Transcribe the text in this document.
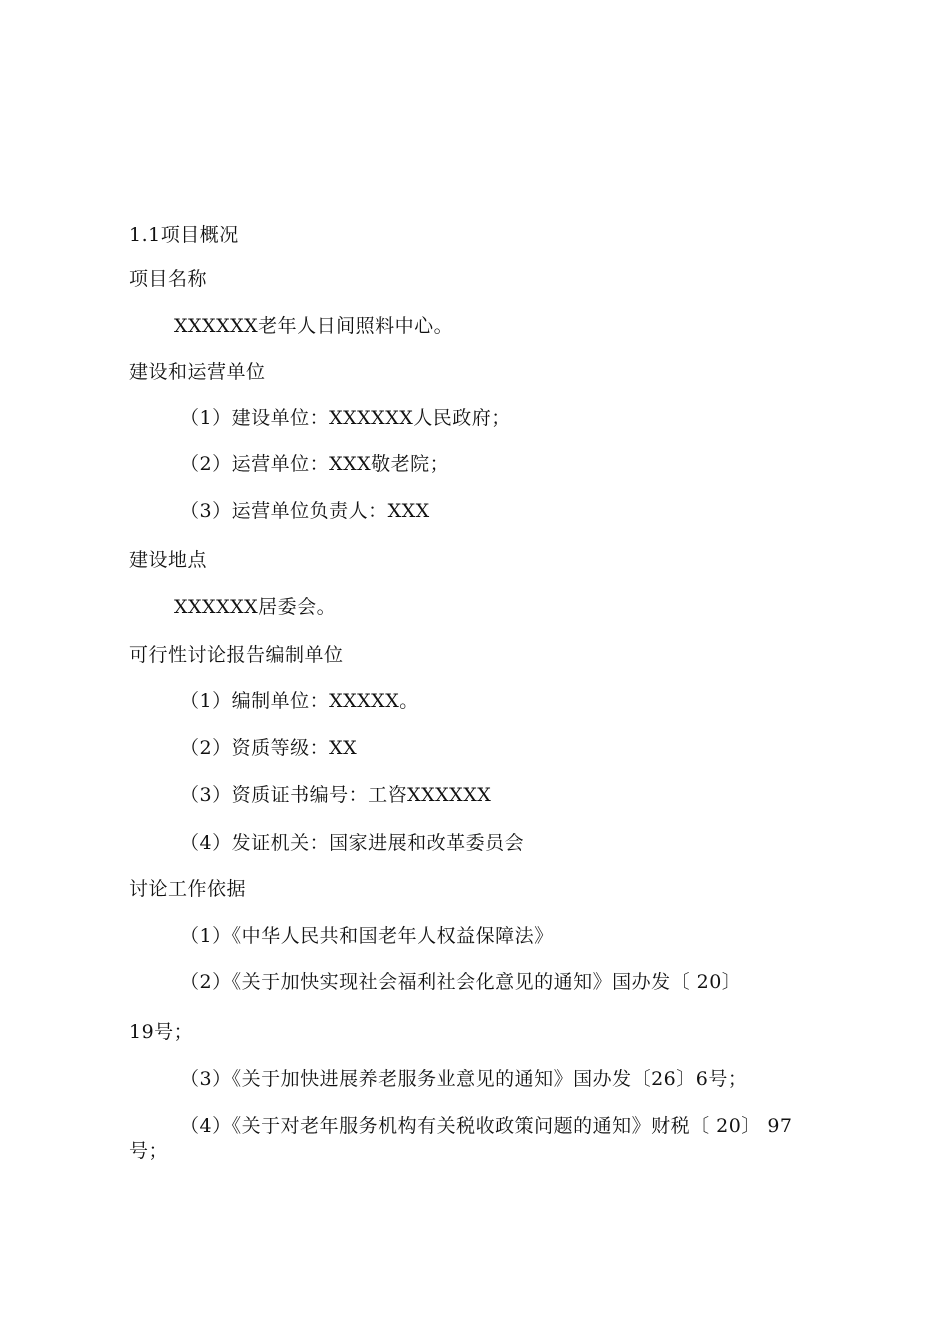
1.1项目概况
项目名称
XXXXXX老年人日间照料中心。
建设和运营单位
（1）建设单位：XXXXXX人民政府；
（2）运营单位：XXX敬老院；
（3）运营单位负责人：XXX
建设地点
XXXXXX居委会。
可行性讨论报告编制单位
（1）编制单位：XXXXX。
（2）资质等级：XX
（3）资质证书编号：工咨XXXXXX
（4）发证机关：国家进展和改革委员会
讨论工作依据
（1）《中华人民共和国老年人权益保障法》
（2）《关于加快实现社会福利社会化意见的通知》国办发〔 20〕
19号；
（3）《关于加快进展养老服务业意见的通知》国办发〔26〕6号；
（4）《关于对老年服务机构有关税收政策问题的通知》财税〔 20〕 97
号；
